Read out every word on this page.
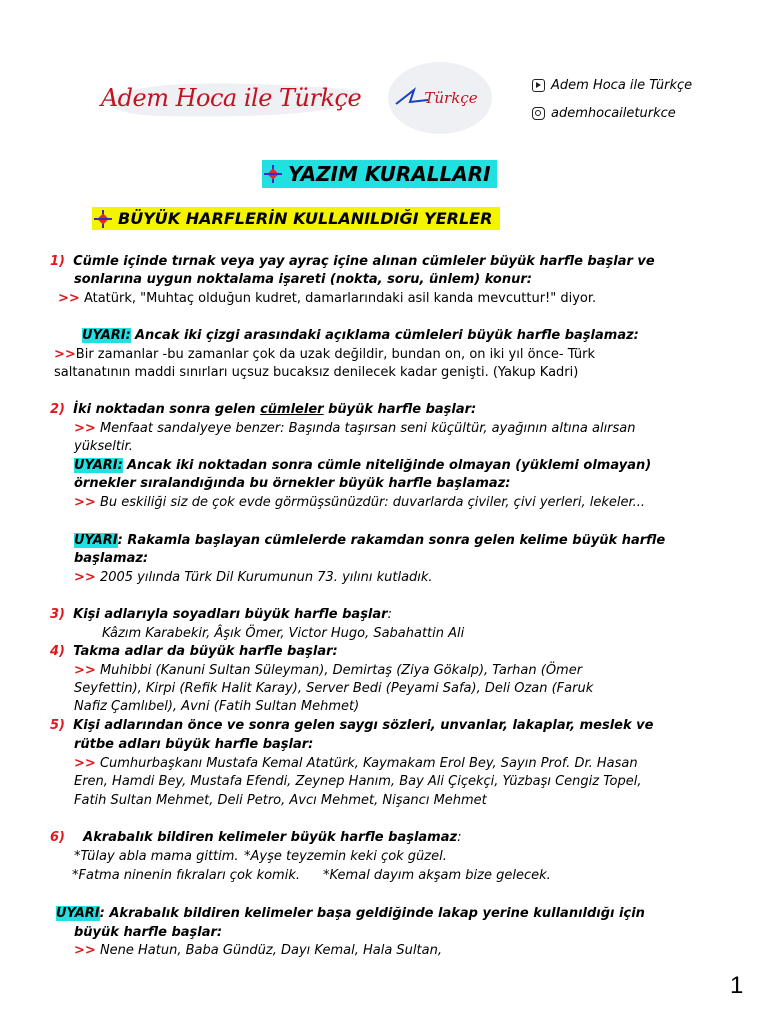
Adem Hoca ile Türkçe	Türkçe
Adem Hoca ile Türkçe
ademhocaileturkce
YAZIM KURALLARI
BÜYÜK HARFLERİN KULLANILDIĞI YERLER
1) Cümle içinde tırnak veya yay ayraç içine alınan cümleler büyük harfle başlar ve
sonlarına uygun noktalama işareti (nokta, soru, ünlem) konur:
>> Atatürk, "Muhtaç olduğun kudret, damarlarındaki asil kanda mevcuttur!" diyor.
UYARI: Ancak iki çizgi arasındaki açıklama cümleleri büyük harfle başlamaz:
>>Bir zamanlar -bu zamanlar çok da uzak değildir, bundan on, on iki yıl önce- Türk
saltanatının maddi sınırları uçsuz bucaksız denilecek kadar genişti. (Yakup Kadri)
2) İki noktadan sonra gelen cümleler büyük harfle başlar:
>> Menfaat sandalyeye benzer: Başında taşırsan seni küçültür, ayağının altına alırsan
yükseltir.
UYARI: Ancak iki noktadan sonra cümle niteliğinde olmayan (yüklemi olmayan)
örnekler sıralandığında bu örnekler büyük harfle başlamaz:
>> Bu eskiliği siz de çok evde görmüşsünüzdür: duvarlarda çiviler, çivi yerleri, lekeler...
UYARI: Rakamla başlayan cümlelerde rakamdan sonra gelen kelime büyük harfle
başlamaz:
>> 2005 yılında Türk Dil Kurumunun 73. yılını kutladık.
3) Kişi adlarıyla soyadları büyük harfle başlar:
Kâzım Karabekir, Âşık Ömer, Victor Hugo, Sabahattin Ali
4) Takma adlar da büyük harfle başlar:
>> Muhibbi (Kanuni Sultan Süleyman), Demirtaş (Ziya Gökalp), Tarhan (Ömer
Seyfettin), Kirpi (Refik Halit Karay), Server Bedi (Peyami Safa), Deli Ozan (Faruk
Nafiz Çamlıbel), Avni (Fatih Sultan Mehmet)
5) Kişi adlarından önce ve sonra gelen saygı sözleri, unvanlar, lakaplar, meslek ve
rütbe adları büyük harfle başlar:
>> Cumhurbaşkanı Mustafa Kemal Atatürk, Kaymakam Erol Bey, Sayın Prof. Dr. Hasan
Eren, Hamdi Bey, Mustafa Efendi, Zeynep Hanım, Bay Ali Çiçekçi, Yüzbaşı Cengiz Topel,
Fatih Sultan Mehmet, Deli Petro, Avcı Mehmet, Nişancı Mehmet
6) Akrabalık bildiren kelimeler büyük harfle başlamaz:
*Tülay abla mama gittim. *Ayşe teyzemin keki çok güzel.
*Fatma ninenin fıkraları çok komik. *Kemal dayım akşam bize gelecek.
UYARI: Akrabalık bildiren kelimeler başa geldiğinde lakap yerine kullanıldığı için
büyük harfle başlar:
>> Nene Hatun, Baba Gündüz, Dayı Kemal, Hala Sultan,
1
